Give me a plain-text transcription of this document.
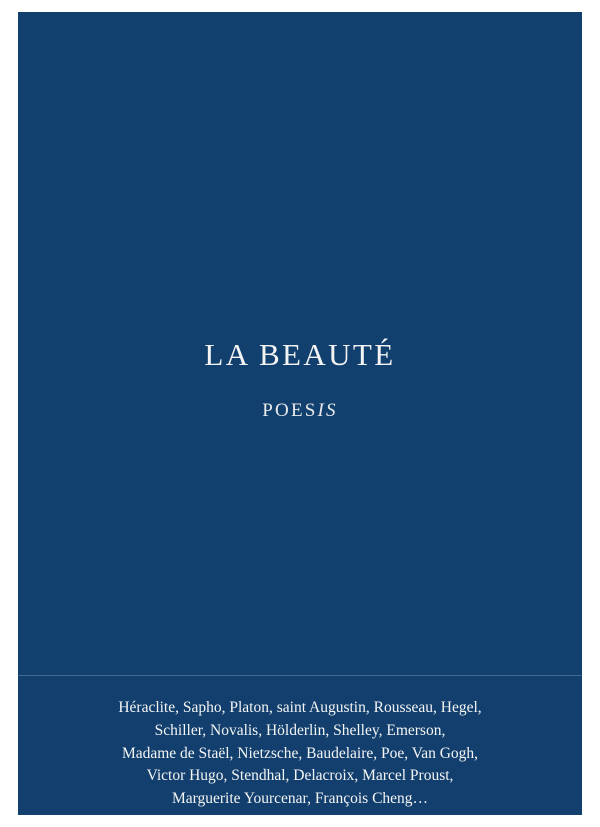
LA BEAUTÉ

POESIS

Héraclite, Sapho, Platon, saint Augustin, Rousseau, Hegel,
Schiller, Novalis, Hölderlin, Shelley, Emerson,
Madame de Staël, Nietzsche, Baudelaire, Poe, Van Gogh,
Victor Hugo, Stendhal, Delacroix, Marcel Proust,
Marguerite Yourcenar, François Cheng…
